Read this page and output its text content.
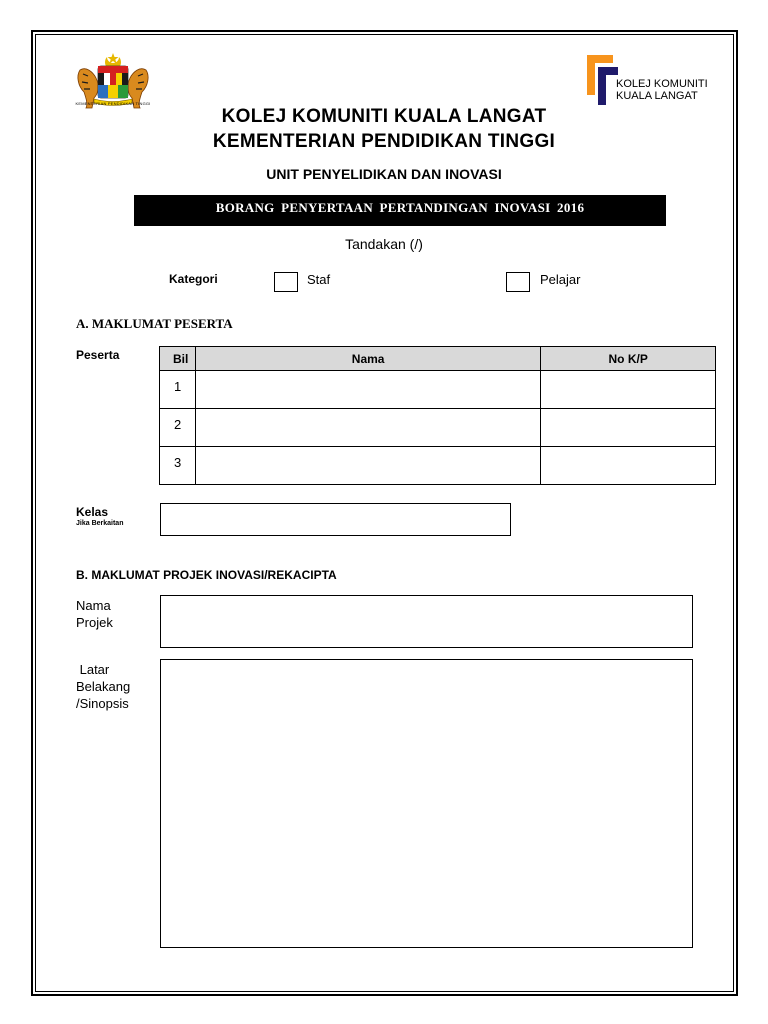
KEMENTERIAN PENDIDIKAN TINGGI
KOLEJ KOMUNITI
KUALA LANGAT
KOLEJ KOMUNITI KUALA LANGAT
KEMENTERIAN PENDIDIKAN TINGGI
UNIT PENYELIDIKAN DAN INOVASI
BORANG PENYERTAAN PERTANDINGAN INOVASI 2016
Tandakan (/)
Kategori	Staf	Pelajar
A. MAKLUMAT PESERTA
Peserta	Bil	Nama	No K/P
1		
2		
3		
Kelas
Jika Berkaitan
B. MAKLUMAT PROJEK INOVASI/REKACIPTA
Nama
Projek
Latar
Belakang
/Sinopsis
